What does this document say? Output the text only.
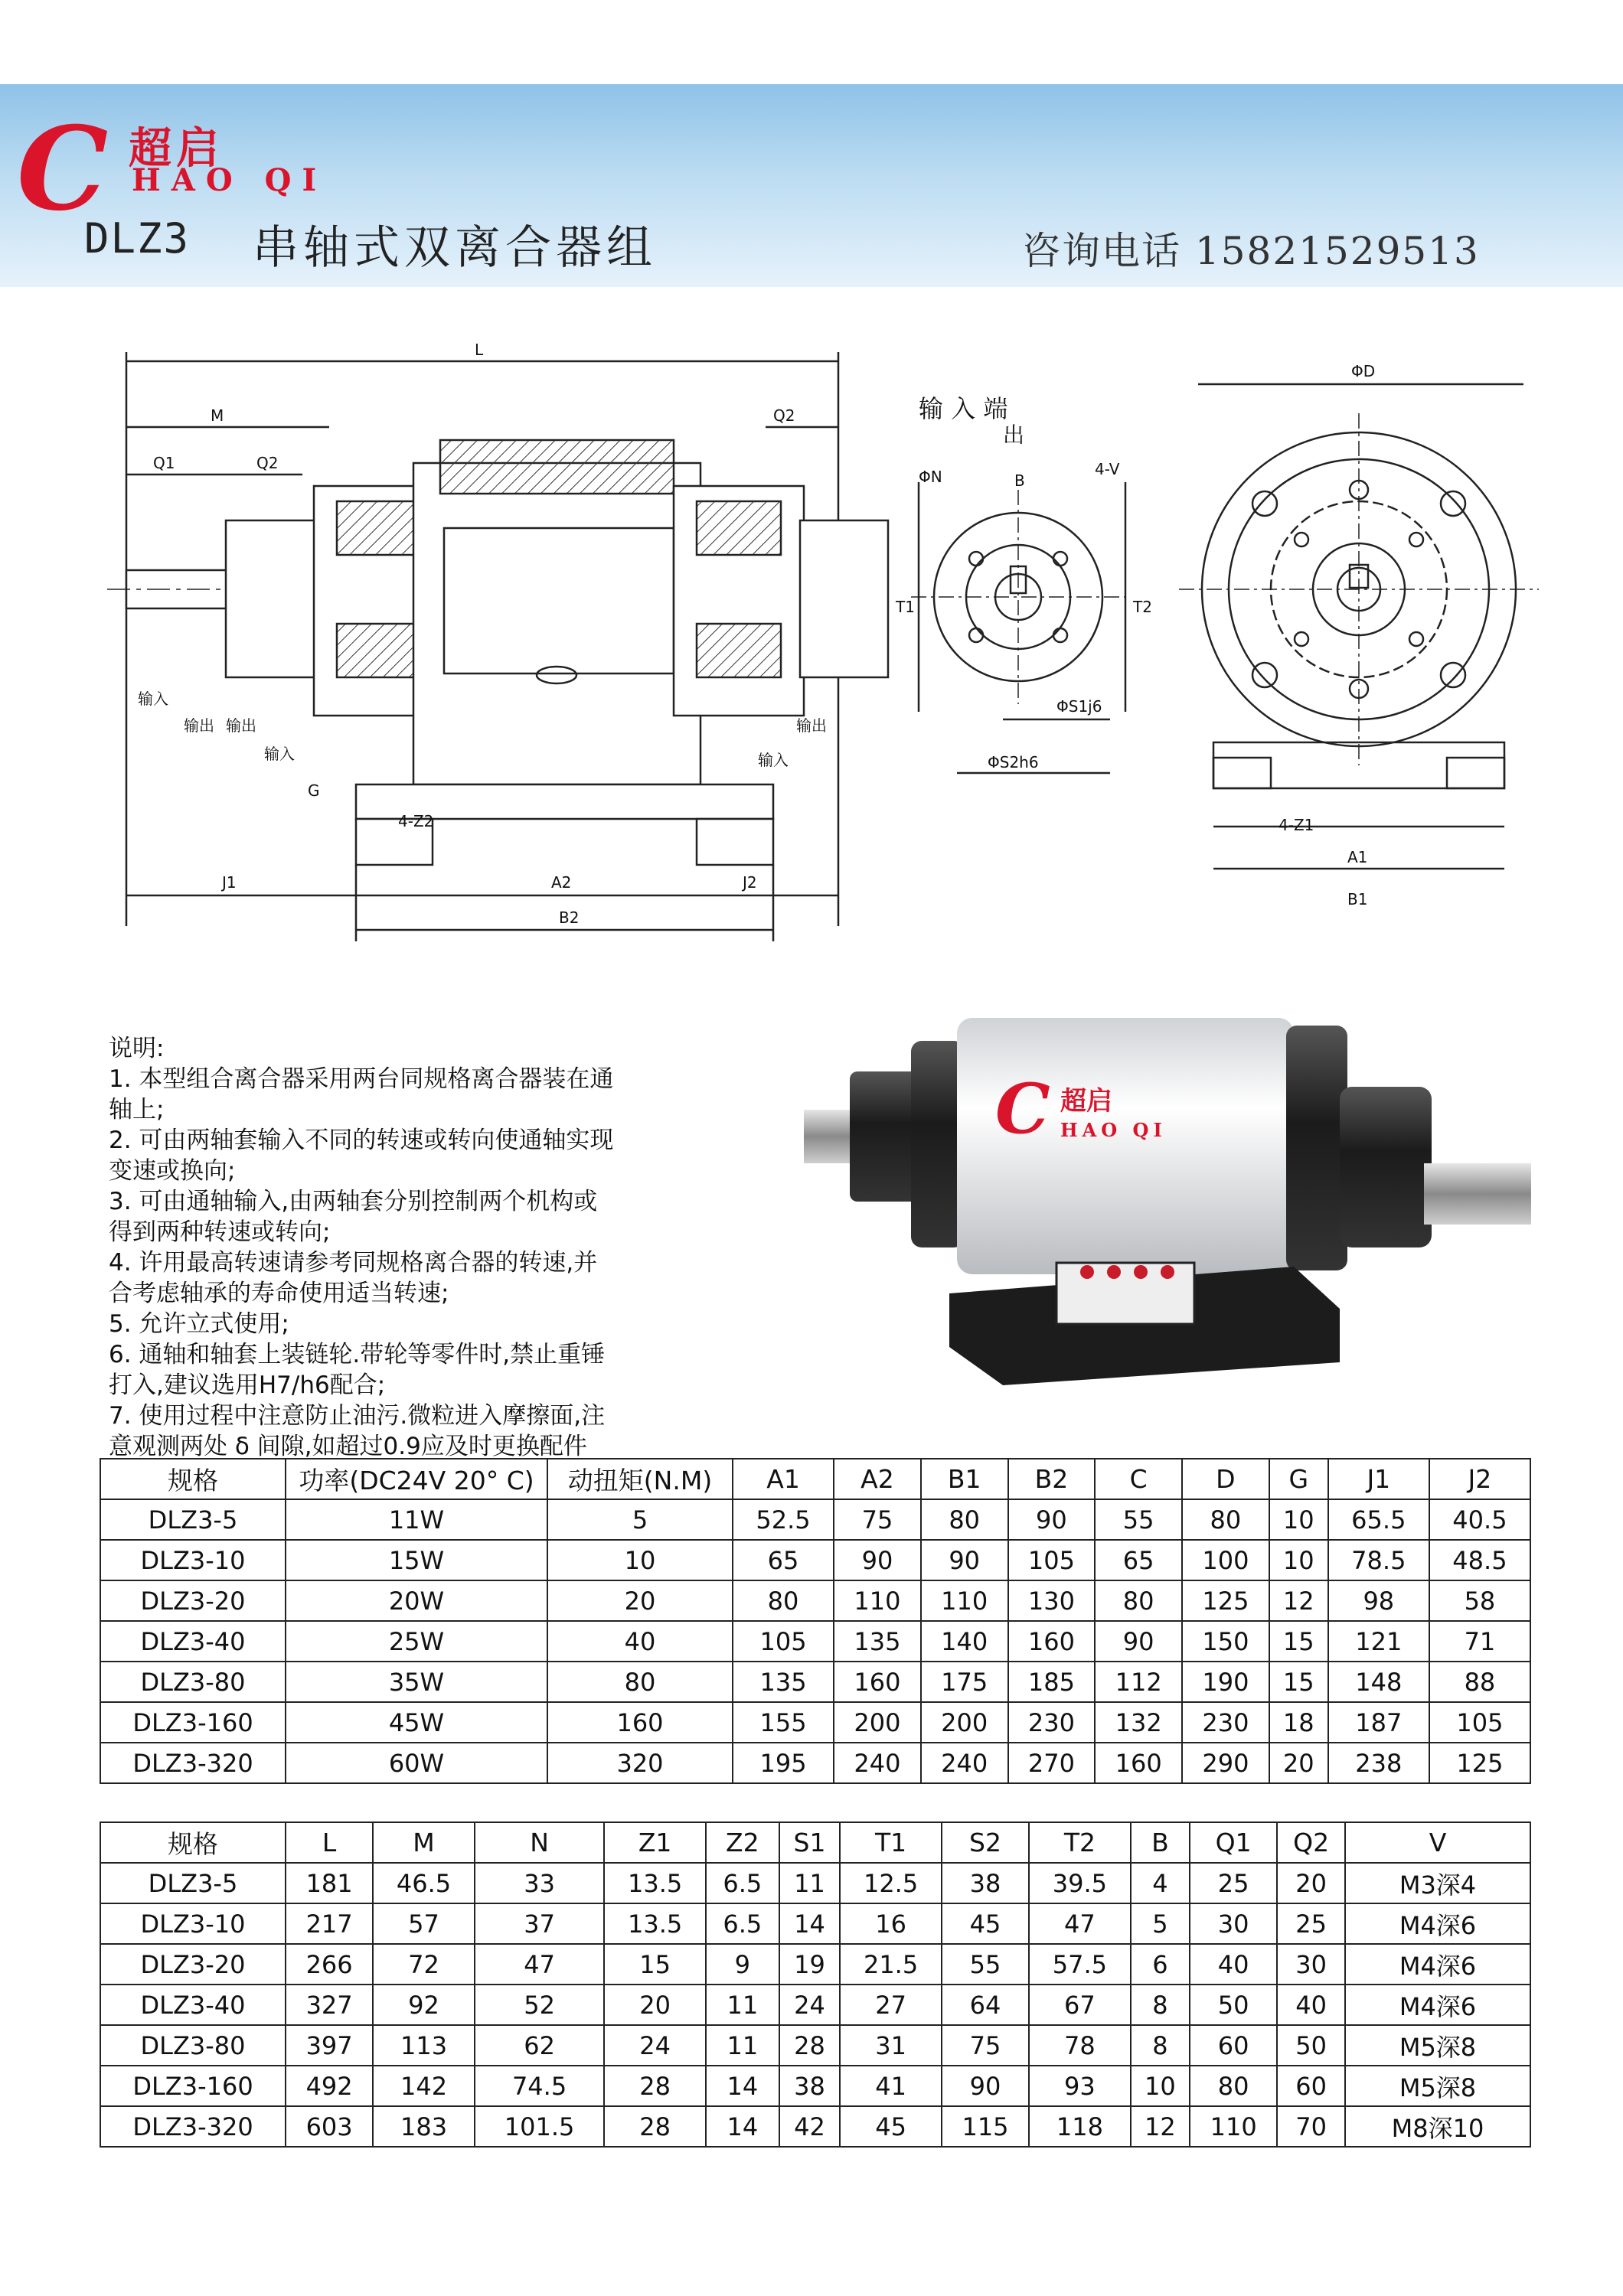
C 超启
HAO QI
DLZ3 串轴式双离合器组	咨询电话 15821529513
L
M
Q1	Q2
Q2
G
4-Z2
J1	A2	J2
B2
输入
输出 输出
输入	输入
输出
输 入 端
出
ΦN	B
4-V
T1	T2
ΦS1j6
ΦS2h6
ΦD
4-Z1
A1
B1
说明:
1. 本型组合离合器采用两台同规格离合器装在通
轴上;
2. 可由两轴套输入不同的转速或转向使通轴实现
变速或换向;
3. 可由通轴输入,由两轴套分别控制两个机构或
得到两种转速或转向;
4. 许用最高转速请参考同规格离合器的转速,并
合考虑轴承的寿命使用适当转速;
5. 允许立式使用;
6. 通轴和轴套上装链轮.带轮等零件时,禁止重锤
打入,建议选用H7/h6配合;
7. 使用过程中注意防止油污.微粒进入摩擦面,注
意观测两处 δ 间隙,如超过0.9应及时更换配件
C 超启
HAO QI
规格	功率(DC24V 20° C)	动扭矩(N.M)	A1	A2	B1	B2	C	D	G	J1	J2
DLZ3-5	11W	5	52.5	75	80	90	55	80	10	65.5	40.5
DLZ3-10	15W	10	65	90	90	105	65	100	10	78.5	48.5
DLZ3-20	20W	20	80	110	110	130	80	125	12	98	58
DLZ3-40	25W	40	105	135	140	160	90	150	15	121	71
DLZ3-80	35W	80	135	160	175	185	112	190	15	148	88
DLZ3-160	45W	160	155	200	200	230	132	230	18	187	105
DLZ3-320	60W	320	195	240	240	270	160	290	20	238	125
规格	L	M	N	Z1	Z2	S1	T1	S2	T2	B	Q1	Q2	V
DLZ3-5	181	46.5	33	13.5	6.5	11	12.5	38	39.5	4	25	20	M3深4
DLZ3-10	217	57	37	13.5	6.5	14	16	45	47	5	30	25	M4深6
DLZ3-20	266	72	47	15	9	19	21.5	55	57.5	6	40	30	M4深6
DLZ3-40	327	92	52	20	11	24	27	64	67	8	50	40	M4深6
DLZ3-80	397	113	62	24	11	28	31	75	78	8	60	50	M5深8
DLZ3-160	492	142	74.5	28	14	38	41	90	93	10	80	60	M5深8
DLZ3-320	603	183	101.5	28	14	42	45	115	118	12	110	70	M8深10
